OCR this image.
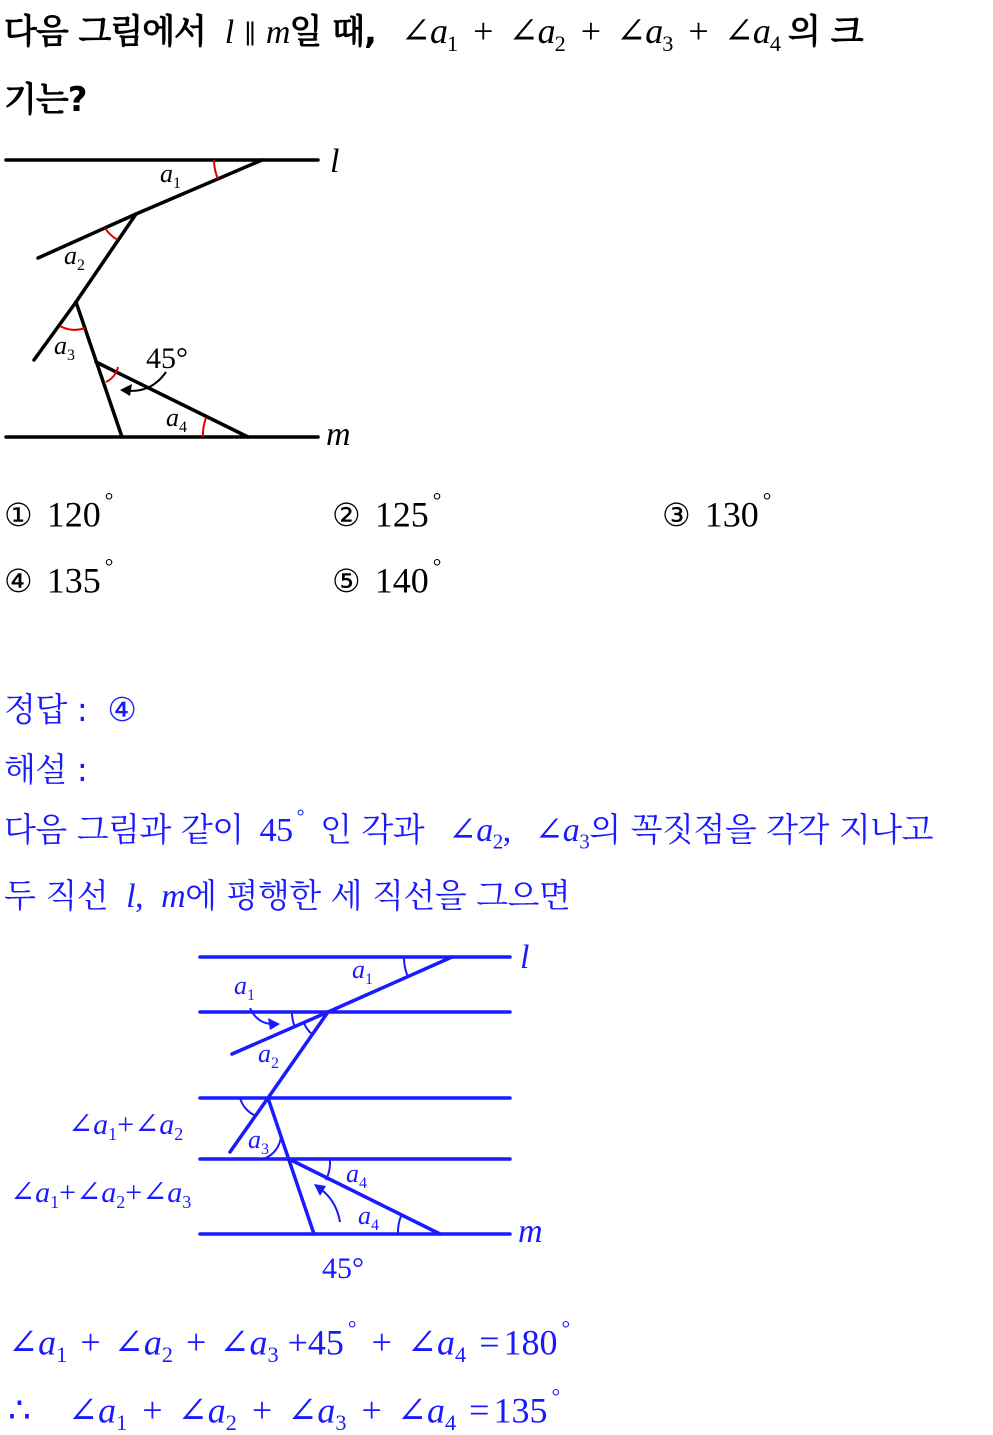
다음 그림에서 l ∥ m일 때, $\angle a_1$ + $\angle a_2$ + $\angle a_3$ + $\angle a_4$ 의 크
기는?
l
m
$a_1$
$a_2$
$a_3$
$a_4$
45°
① 120 °	② 125 °	③ 130 °
④ 135 °	⑤ 140 °
정답 : ④
해설 :
다음 그림과 같이 45 ° 인 각과 $\angle a_2$, $\angle a_3$의 꼭짓점을 각각 지나고
두 직선 l, m에 평행한 세 직선을 그으면
l
m
$a_1$
$a_1$
$a_2$
$a_3$
$a_4$
$a_4$
$\angle a_1+\angle a_2$
$\angle a_1+\angle a_2+\angle a_3$
45°
$\angle a_1$ + $\angle a_2$ + $\angle a_3 +45$ $^\circ + \angle a_4 = 180$ °
∴ $\angle a_1$ + $\angle a_2$ + $\angle a_3$ + $\angle a_4 = 135$ °
